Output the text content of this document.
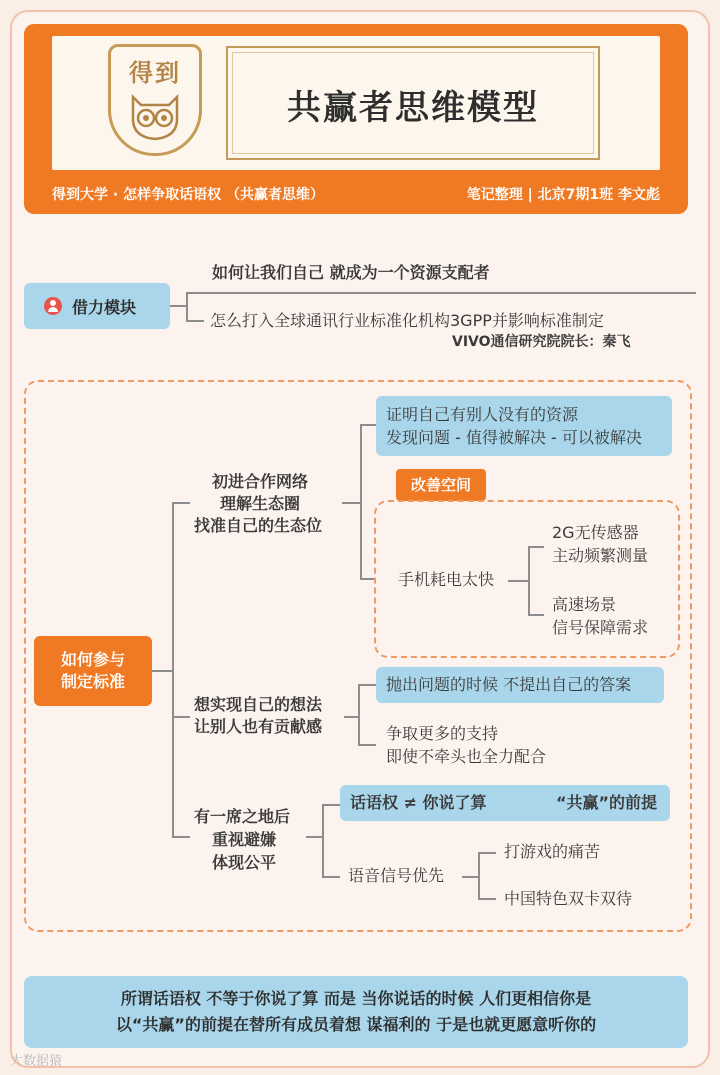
得到
共赢者思维模型
得到大学 · 怎样争取话语权 （共赢者思维）	笔记整理 | 北京7期1班 李文彪
借力模块
如何让我们自己 就成为一个资源支配者
怎么打入全球通讯行业标准化机构3GPP并影响标准制定
VIVO通信研究院院长：秦飞
如何参与
制定标准
初进合作网络
理解生态圈
找准自己的生态位
证明自己有别人没有的资源
发现问题 - 值得被解决 - 可以被解决
改善空间
手机耗电太快
2G无传感器
主动频繁测量
高速场景
信号保障需求
想实现自己的想法
让别人也有贡献感
抛出问题的时候 不提出自己的答案
争取更多的支持
即使不牵头也全力配合
有一席之地后
重视避嫌
体现公平
话语权 ≠ 你说了算	“共赢”的前提
语音信号优先
打游戏的痛苦
中国特色双卡双待
所谓话语权 不等于你说了算 而是 当你说话的时候 人们更相信你是
以“共赢”的前提在替所有成员着想 谋福利的 于是也就更愿意听你的
大数据猿
